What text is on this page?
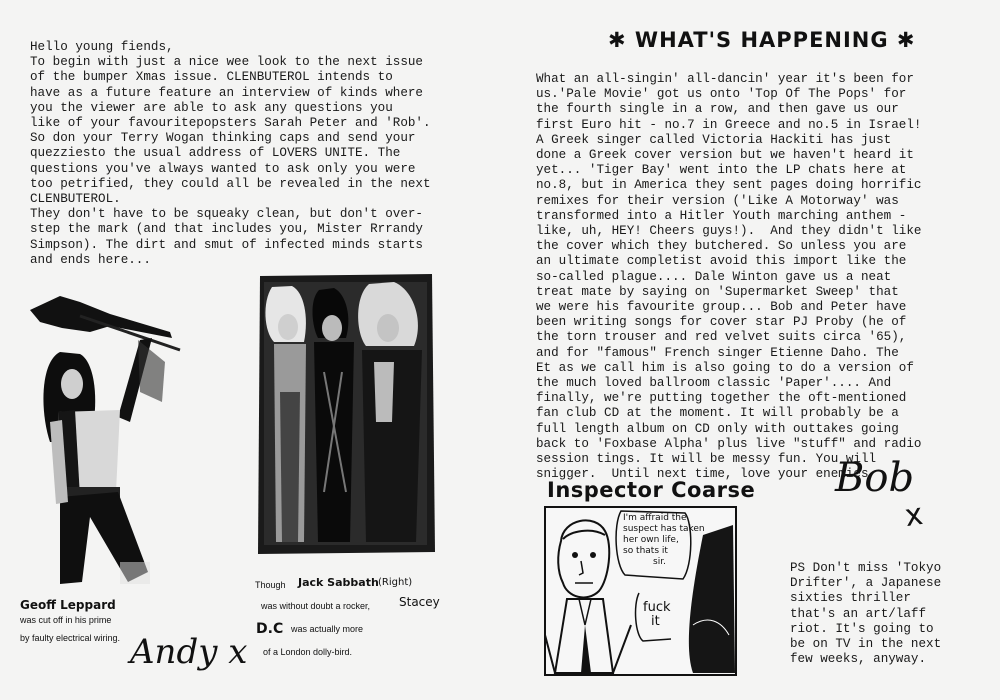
Hello young fiends,
To begin with just a nice wee look to the next issue
of the bumper Xmas issue. CLENBUTEROL intends to
have as a future feature an interview of kinds where
you the viewer are able to ask any questions you
like of your favouritepopsters Sarah Peter and 'Rob'.
So don your Terry Wogan thinking caps and send your
quezziesto the usual address of LOVERS UNITE. The
questions you've always wanted to ask only you were
too petrified, they could all be revealed in the next
CLENBUTEROL.
They don't have to be squeaky clean, but don't over-
step the mark (and that includes you, Mister Rrrandy
Simpson). The dirt and smut of infected minds starts
and ends here...
Geoff Leppard
was cut off in his prime
by faulty electrical wiring. Andy x
Though Jack Sabbath (Right)
was without doubt a rocker, Stacey
D.C was actually more
of a London dolly-bird.
✱ WHAT'S HAPPENING ✱
What an all-singin' all-dancin' year it's been for
us.'Pale Movie' got us onto 'Top Of The Pops' for
the fourth single in a row, and then gave us our
first Euro hit - no.7 in Greece and no.5 in Israel!
A Greek singer called Victoria Hackiti has just
done a Greek cover version but we haven't heard it
yet... 'Tiger Bay' went into the LP chats here at
no.8, but in America they sent pages doing horrific
remixes for their version ('Like A Motorway' was
transformed into a Hitler Youth marching anthem -
like, uh, HEY! Cheers guys!).  And they didn't like
the cover which they butchered. So unless you are
an ultimate completist avoid this import like the
so-called plague.... Dale Winton gave us a neat
treat mate by saying on 'Supermarket Sweep' that
we were his favourite group... Bob and Peter have
been writing songs for cover star PJ Proby (he of
the torn trouser and red velvet suits circa '65),
and for "famous" French singer Etienne Daho. The
Et as we call him is also going to do a version of
the much loved ballroom classic 'Paper'.... And
finally, we're putting together the oft-mentioned
fan club CD at the moment. It will probably be a
full length album on CD only with outtakes going
back to 'Foxbase Alpha' plus live "stuff" and radio
session tings. It will be messy fun. You will
snigger.  Until next time, love your enemies
Inspector Coarse
I'm affraid the
suspect has taken
her own life,
so thats it
sir.
fuck
it
Bob
x
PS Don't miss 'Tokyo
Drifter', a Japanese
sixties thriller
that's an art/laff
riot. It's going to
be on TV in the next
few weeks, anyway.
